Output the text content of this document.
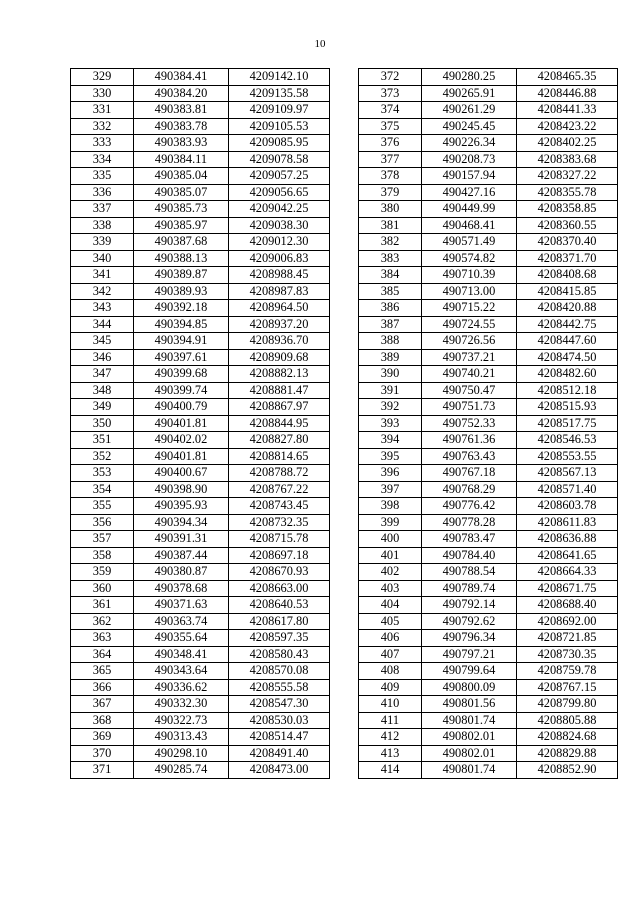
10
329	490384.41	4209142.10
330	490384.20	4209135.58
331	490383.81	4209109.97
332	490383.78	4209105.53
333	490383.93	4209085.95
334	490384.11	4209078.58
335	490385.04	4209057.25
336	490385.07	4209056.65
337	490385.73	4209042.25
338	490385.97	4209038.30
339	490387.68	4209012.30
340	490388.13	4209006.83
341	490389.87	4208988.45
342	490389.93	4208987.83
343	490392.18	4208964.50
344	490394.85	4208937.20
345	490394.91	4208936.70
346	490397.61	4208909.68
347	490399.68	4208882.13
348	490399.74	4208881.47
349	490400.79	4208867.97
350	490401.81	4208844.95
351	490402.02	4208827.80
352	490401.81	4208814.65
353	490400.67	4208788.72
354	490398.90	4208767.22
355	490395.93	4208743.45
356	490394.34	4208732.35
357	490391.31	4208715.78
358	490387.44	4208697.18
359	490380.87	4208670.93
360	490378.68	4208663.00
361	490371.63	4208640.53
362	490363.74	4208617.80
363	490355.64	4208597.35
364	490348.41	4208580.43
365	490343.64	4208570.08
366	490336.62	4208555.58
367	490332.30	4208547.30
368	490322.73	4208530.03
369	490313.43	4208514.47
370	490298.10	4208491.40
371	490285.74	4208473.00
372	490280.25	4208465.35
373	490265.91	4208446.88
374	490261.29	4208441.33
375	490245.45	4208423.22
376	490226.34	4208402.25
377	490208.73	4208383.68
378	490157.94	4208327.22
379	490427.16	4208355.78
380	490449.99	4208358.85
381	490468.41	4208360.55
382	490571.49	4208370.40
383	490574.82	4208371.70
384	490710.39	4208408.68
385	490713.00	4208415.85
386	490715.22	4208420.88
387	490724.55	4208442.75
388	490726.56	4208447.60
389	490737.21	4208474.50
390	490740.21	4208482.60
391	490750.47	4208512.18
392	490751.73	4208515.93
393	490752.33	4208517.75
394	490761.36	4208546.53
395	490763.43	4208553.55
396	490767.18	4208567.13
397	490768.29	4208571.40
398	490776.42	4208603.78
399	490778.28	4208611.83
400	490783.47	4208636.88
401	490784.40	4208641.65
402	490788.54	4208664.33
403	490789.74	4208671.75
404	490792.14	4208688.40
405	490792.62	4208692.00
406	490796.34	4208721.85
407	490797.21	4208730.35
408	490799.64	4208759.78
409	490800.09	4208767.15
410	490801.56	4208799.80
411	490801.74	4208805.88
412	490802.01	4208824.68
413	490802.01	4208829.88
414	490801.74	4208852.90
